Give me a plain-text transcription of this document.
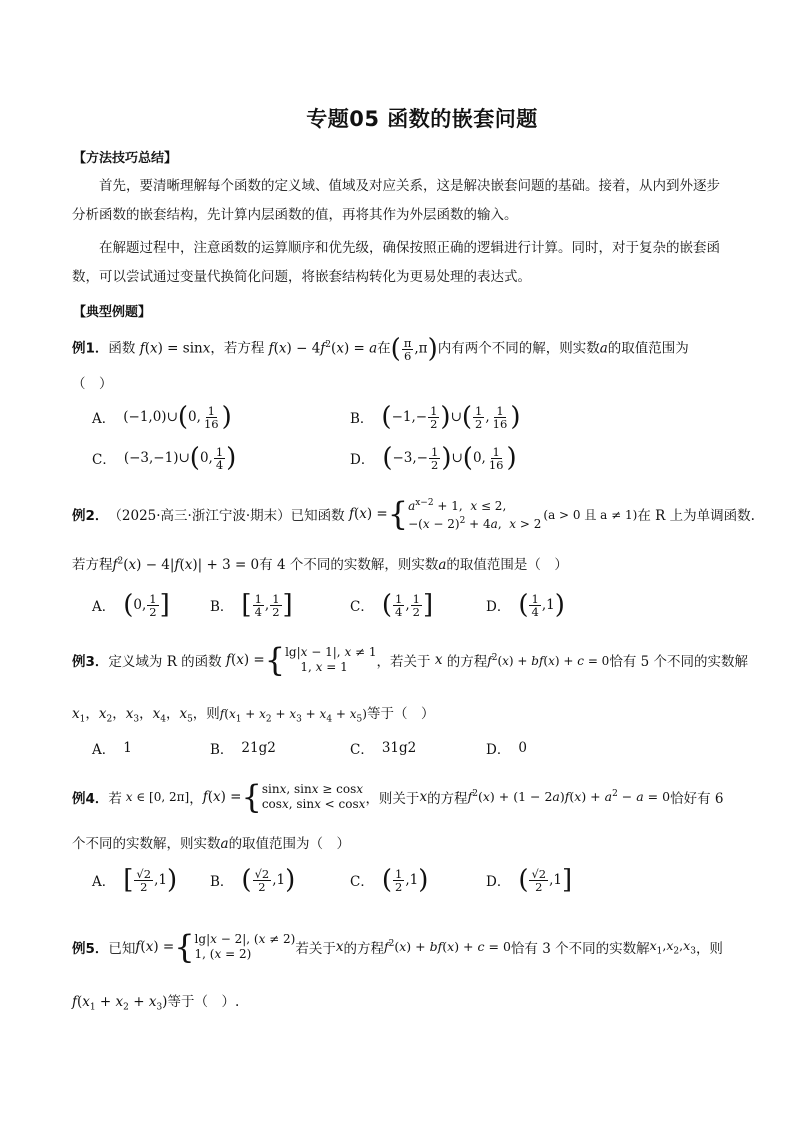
专题05 函数的嵌套问题
【方法技巧总结】
首先，要清晰理解每个函数的定义域、值域及对应关系，这是解决嵌套问题的基础。接着，从内到外逐步分析函数的嵌套结构，先计算内层函数的值，再将其作为外层函数的输入。
在解题过程中，注意函数的运算顺序和优先级，确保按照正确的逻辑进行计算。同时，对于复杂的嵌套函数，可以尝试通过变量代换简化问题，将嵌套结构转化为更易处理的表达式。
【典型例题】
例1．函数 f(x) = sinx，若方程 $f(x) - 4f^2(x) = a$在( $\frac{\pi}{6} ,\pi$)内有两个不同的解，则实数a的取值范围为
（　）
A． (−1,0)∪ ( 0, $\frac{1}{16}$ )	B． ( $-1,- \frac{1}{2}$ ) ∪ ( $\frac{1}{2}$ , $\frac{1}{16}$ )
C． (−3,−1)∪ ( 0, $\frac{1}{4}$ )	D． ( $-3,- \frac{1}{2}$ ) ∪ ( 0, $\frac{1}{16}$ )
例2． （2025·高三·浙江宁波·期末） 已知函数 f(x) = { $a^{x-2} + 1$,  x ≤ 2,
$-(x - 2)^2 + 4a$,  x > 2
(a > 0 且 a ≠ 1) 在 R 上为单调函数.
若方程$f^2(x) - 4|f(x)| + 3 = 0$有 4 个不同的实数解，则实数a的取值范围是（　）
A． ( 0, $\frac{1}{2}$ ]	B． [ $\frac{1}{4}$ , $\frac{1}{2}$ ]	C． ( $\frac{1}{4}$ , $\frac{1}{2}$ ]	D． ( $\frac{1}{4} ,1$ )
例3． 定义域为 R 的函数 f(x) = { lg|x − 1|, x ≠ 1
1, x = 1	，若关于
x
的方程 $f^2(x) + bf(x) + c = 0$ 恰有 5 个不同的实数解
$x_1$，$x_2$，$x_3$，$x_4$，$x_5$，则$f(x_1 + x_2 + x_3 + x_4 + x_5)$等于（　）
A． 1	B． 21g2	C． 31g2	D． 0
例4． 若 x ∈ [0, 2π] ， f(x) = { sinx, sinx ≥ cosx
cosx, sinx < cosx ，则关于 x 的方程 $f^2(x) + (1 - 2a)f(x) + a^2 - a = 0$ 恰好有 6
个不同的实数解，则实数a的取值范围为（　）
A． [ $\frac{√2}{2} ,1$ ) B． ( $\frac{√2}{2} ,1$ )	C． ( $\frac{1}{2} ,1$ )	D． ( $\frac{√2}{2} ,1$ ]
例5． 已知 f(x) = { lg|x − 2|, (x ≠ 2)
1, (x = 2)	若关于 x 的方程 $f^2(x) + bf(x) + c = 0$ 恰有 3 个不同的实数解 $x_1,x_2,x_3$ ，则
$f(x_1 + x_2 + x_3)$等于（　）.
